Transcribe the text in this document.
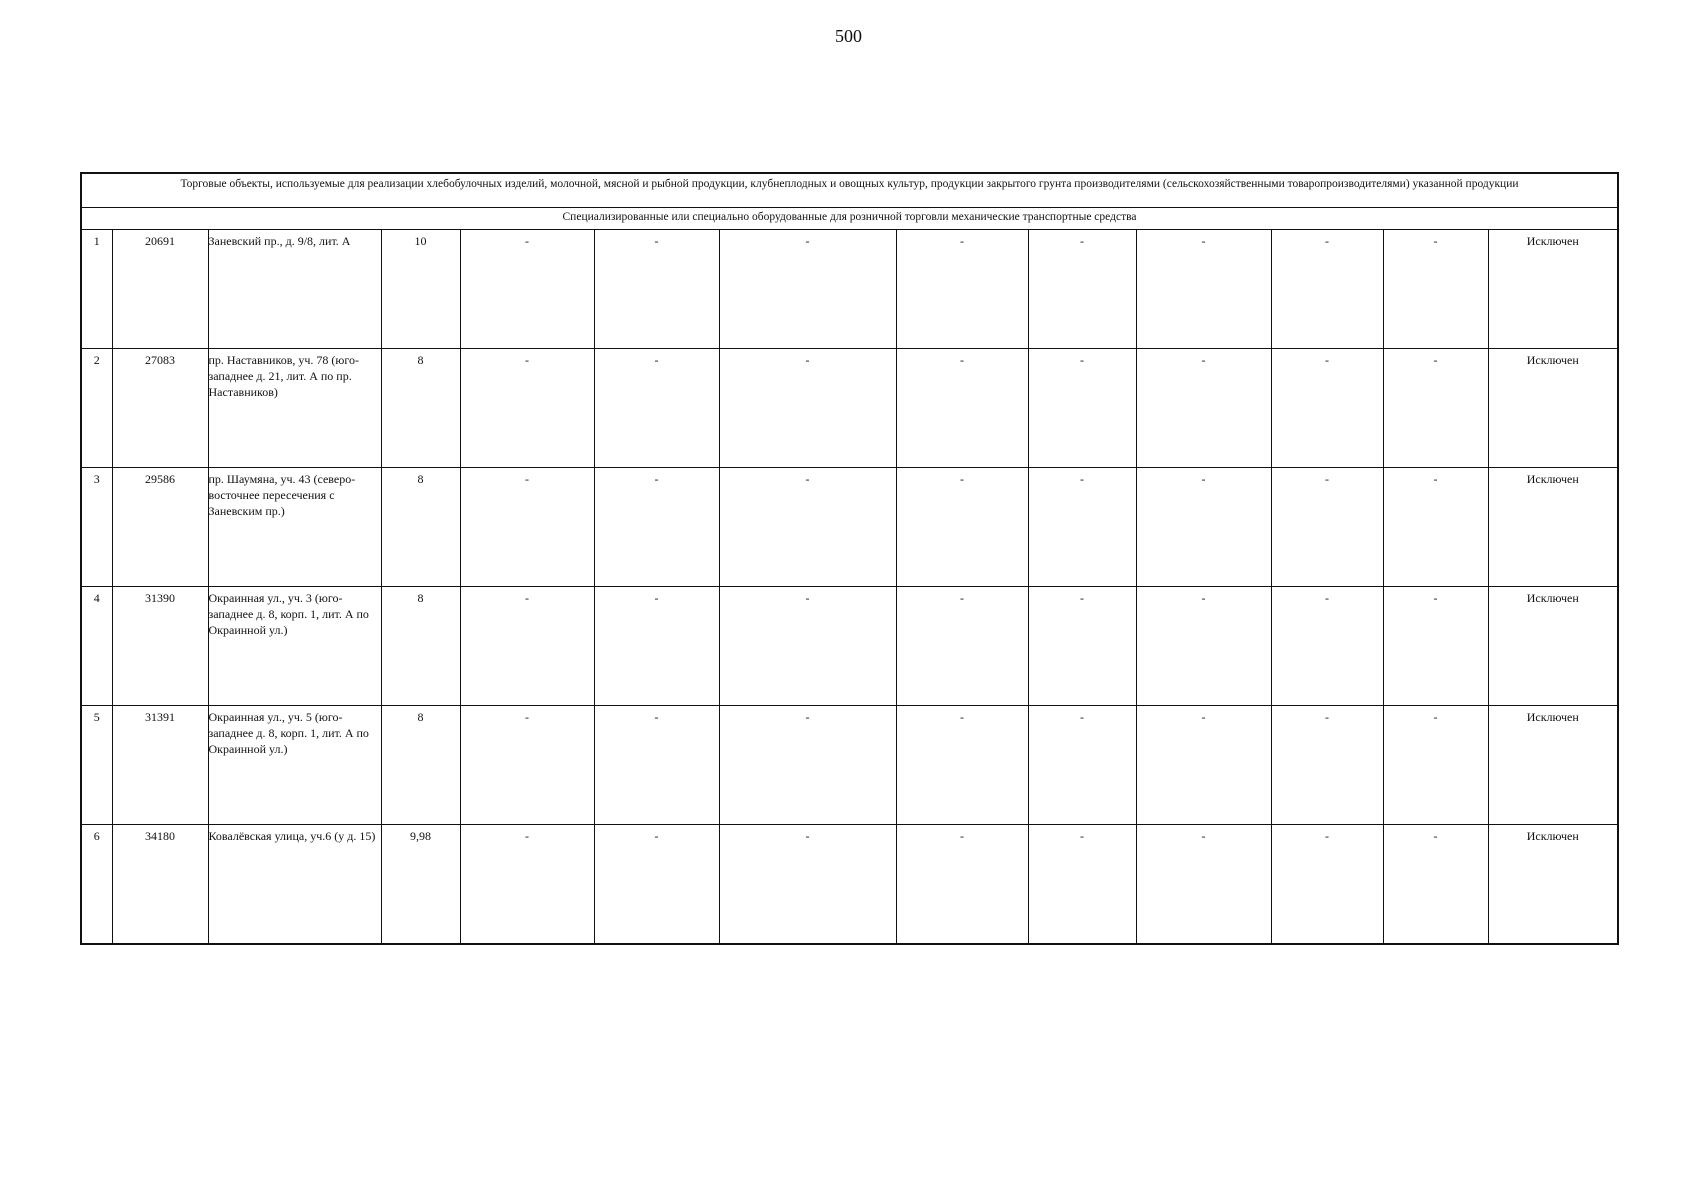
500
Торговые объекты, используемые для реализации хлебобулочных изделий, молочной, мясной и рыбной продукции, клубнеплодных и овощных культур, продукции закрытого грунта производителями (сельскохозяйственными товаропроизводителями) указанной продукции												
Специализированные или специально оборудованные для розничной торговли механические транспортные средства												
1	20691	Заневский пр., д. 9/8, лит. А	10	-	-	-	-	-	-	-	-	Исключен
2	27083	пр. Наставников, уч. 78 (юго-западнее д. 21, лит. А по пр. Наставников)	8	-	-	-	-	-	-	-	-	Исключен
3	29586	пр. Шаумяна, уч. 43 (северо-восточнее пересечения с Заневским пр.)	8	-	-	-	-	-	-	-	-	Исключен
4	31390	Окраинная ул., уч. 3 (юго-западнее д. 8, корп. 1, лит. А по Окраинной ул.)	8	-	-	-	-	-	-	-	-	Исключен
5	31391	Окраинная ул., уч. 5 (юго-западнее д. 8, корп. 1, лит. А по Окраинной ул.)	8	-	-	-	-	-	-	-	-	Исключен
6	34180	Ковалёвская улица, уч.6 (у д. 15)	9,98	-	-	-	-	-	-	-	-	Исключен
